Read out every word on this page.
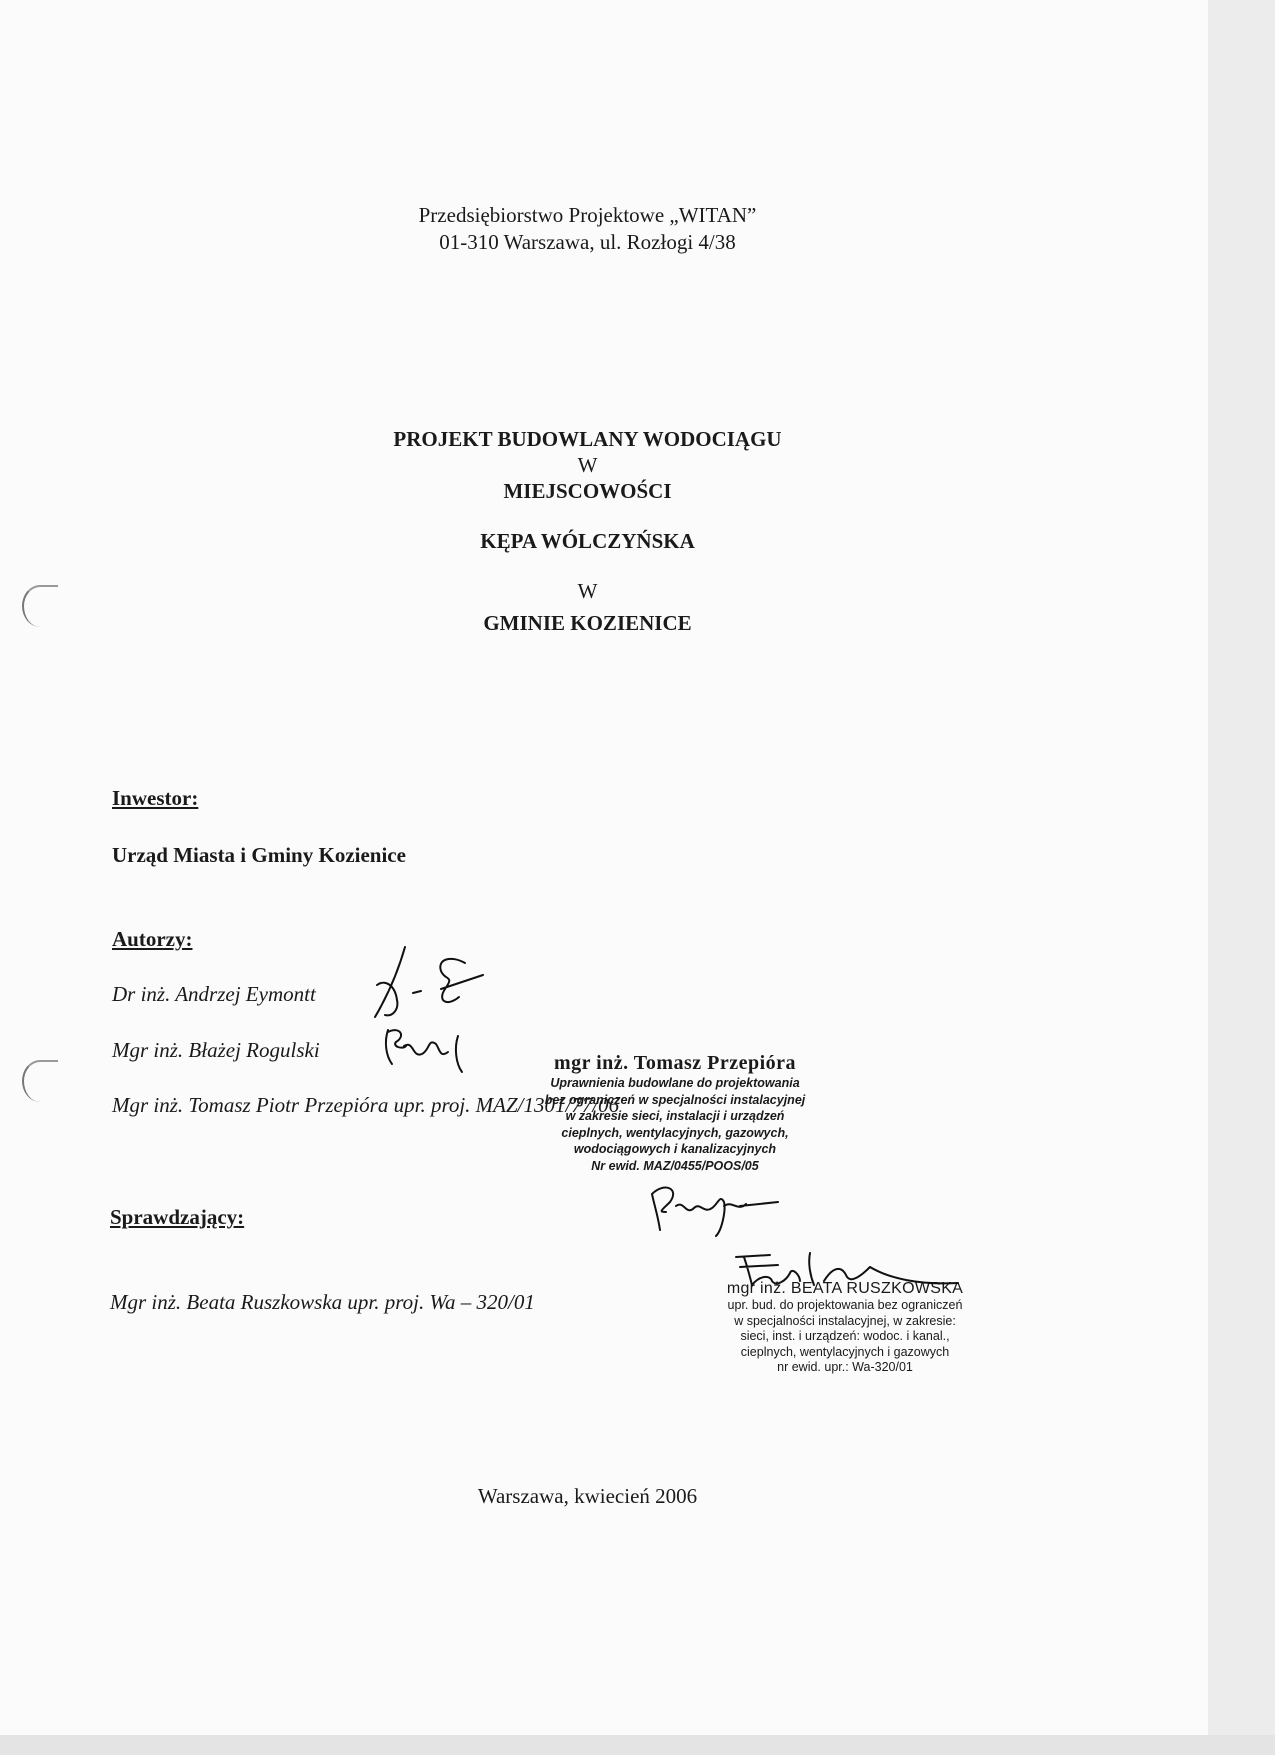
Przedsiębiorstwo Projektowe „WITAN”
01-310 Warszawa, ul. Rozłogi 4/38
PROJEKT BUDOWLANY WODOCIĄGU
W
MIEJSCOWOŚCI
KĘPA WÓLCZYŃSKA
W
GMINIE KOZIENICE
Inwestor:
Urząd Miasta i Gminy Kozienice
Autorzy:
Dr inż. Andrzej Eymontt
Mgr inż. Błażej Rogulski
Mgr inż. Tomasz Piotr Przepióra upr. proj. MAZ/1301/77/06
mgr inż. Tomasz Przepióra
Uprawnienia budowlane do projektowania
bez ograniczeń w specjalności instalacyjnej
w zakresie sieci, instalacji i urządzeń
cieplnych, wentylacyjnych, gazowych,
wodociągowych i kanalizacyjnych
Nr ewid. MAZ/0455/POOS/05
Sprawdzający:
Mgr inż. Beata Ruszkowska upr. proj. Wa – 320/01
mgr inż. BEATA RUSZKOWSKA
upr. bud. do projektowania bez ograniczeń
w specjalności instalacyjnej, w zakresie:
sieci, inst. i urządzeń: wodoc. i kanal.,
cieplnych, wentylacyjnych i gazowych
nr ewid. upr.: Wa-320/01
Warszawa, kwiecień 2006
